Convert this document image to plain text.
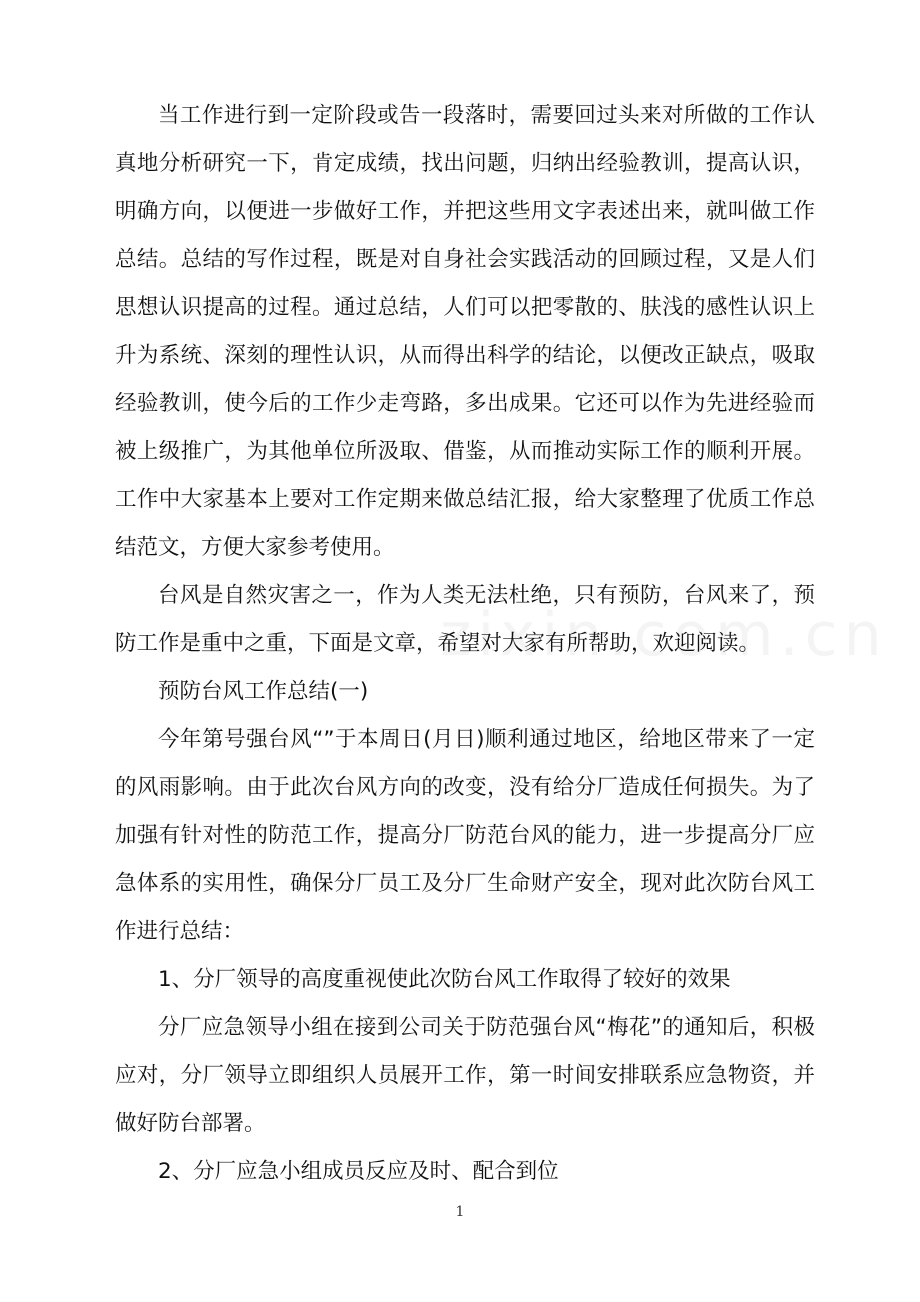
当工作进行到一定阶段或告一段落时，需要回过头来对所做的工作认真地分析研究一下，肯定成绩，找出问题，归纳出经验教训，提高认识，明确方向，以便进一步做好工作，并把这些用文字表述出来，就叫做工作总结。总结的写作过程，既是对自身社会实践活动的回顾过程，又是人们思想认识提高的过程。通过总结，人们可以把零散的、肤浅的感性认识上升为系统、深刻的理性认识，从而得出科学的结论，以便改正缺点，吸取经验教训，使今后的工作少走弯路，多出成果。它还可以作为先进经验而被上级推广，为其他单位所汲取、借鉴，从而推动实际工作的顺利开展。工作中大家基本上要对工作定期来做总结汇报，给大家整理了优质工作总结范文，方便大家参考使用。

台风是自然灾害之一，作为人类无法杜绝，只有预防，台风来了，预防工作是重中之重，下面是文章，希望对大家有所帮助，欢迎阅读。

预防台风工作总结(一)

今年第号强台风“”于本周日(月日)顺利通过地区，给地区带来了一定的风雨影响。由于此次台风方向的改变，没有给分厂造成任何损失。为了加强有针对性的防范工作，提高分厂防范台风的能力，进一步提高分厂应急体系的实用性，确保分厂员工及分厂生命财产安全，现对此次防台风工作进行总结：

1、分厂领导的高度重视使此次防台风工作取得了较好的效果

分厂应急领导小组在接到公司关于防范强台风“梅花”的通知后，积极应对，分厂领导立即组织人员展开工作，第一时间安排联系应急物资，并做好防台部署。

2、分厂应急小组成员反应及时、配合到位

1
